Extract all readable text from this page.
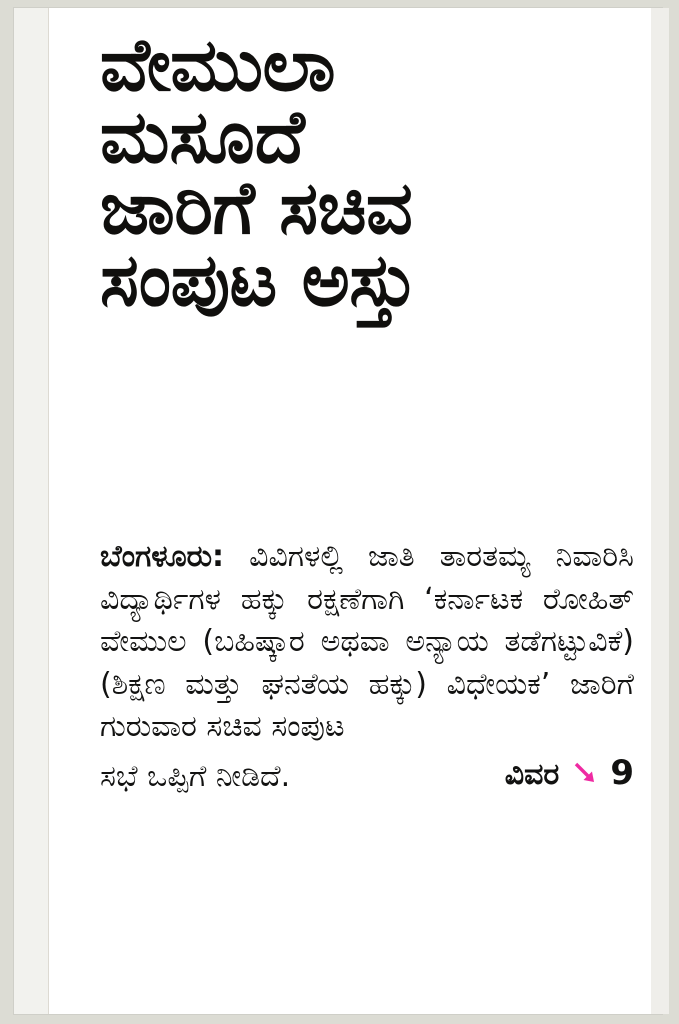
ವೇಮುಲಾ
ಮಸೂದೆ
ಜಾರಿಗೆ ಸಚಿವ
ಸಂಪುಟ ಅಸ್ತು

ಬೆಂಗಳೂರು: ವಿವಿಗಳಲ್ಲಿ ಜಾತಿ ತಾರತಮ್ಯ ನಿವಾರಿಸಿ ವಿದ್ಯಾರ್ಥಿಗಳ ಹಕ್ಕು ರಕ್ಷಣೆಗಾಗಿ ‘ಕರ್ನಾಟಕ ರೋಹಿತ್ ವೇಮುಲ (ಬಹಿಷ್ಕಾರ ಅಥವಾ ಅನ್ಯಾಯ ತಡೆಗಟ್ಟುವಿಕೆ) (ಶಿಕ್ಷಣ ಮತ್ತು ಘನತೆಯ ಹಕ್ಕು) ವಿಧೇಯಕ’ ಜಾರಿಗೆ ಗುರುವಾರ ಸಚಿವ ಸಂಪುಟ

ಸಭೆ ಒಪ್ಪಿಗೆ ನೀಡಿದೆ.	ವಿವರ 9
